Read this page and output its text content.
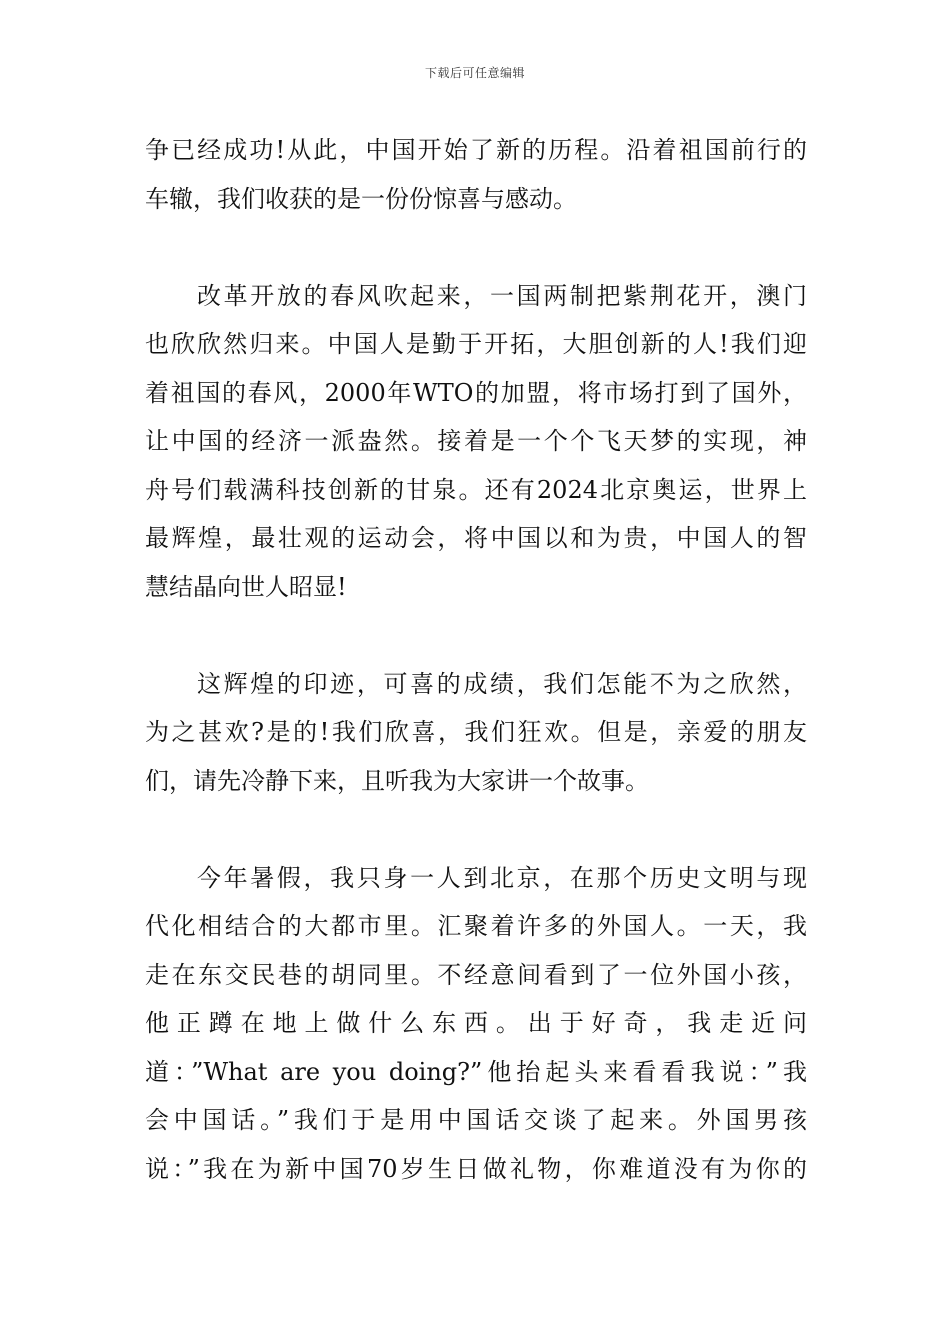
下载后可任意编辑
争已经成功!从此，中国开始了新的历程。沿着祖国前行的
车辙，我们收获的是一份份惊喜与感动。
改革开放的春风吹起来，一国两制把紫荆花开，澳门
也欣欣然归来。中国人是勤于开拓，大胆创新的人!我们迎
着祖国的春风，2000年WTO的加盟，将市场打到了国外，
让中国的经济一派盎然。接着是一个个飞天梦的实现，神
舟号们载满科技创新的甘泉。还有2024北京奥运，世界上
最辉煌，最壮观的运动会，将中国以和为贵，中国人的智
慧结晶向世人昭显!
这辉煌的印迹，可喜的成绩，我们怎能不为之欣然，
为之甚欢?是的!我们欣喜，我们狂欢。但是，亲爱的朋友
们，请先冷静下来，且听我为大家讲一个故事。
今年暑假，我只身一人到北京，在那个历史文明与现
代化相结合的大都市里。汇聚着许多的外国人。一天，我
走在东交民巷的胡同里。不经意间看到了一位外国小孩，
他正蹲在地上做什么东西。出于好奇，我走近问
道：”What are you doing?”他抬起头来看看我说：”我
会中国话。”我们于是用中国话交谈了起来。外国男孩
说：”我在为新中国70岁生日做礼物，你难道没有为你的
